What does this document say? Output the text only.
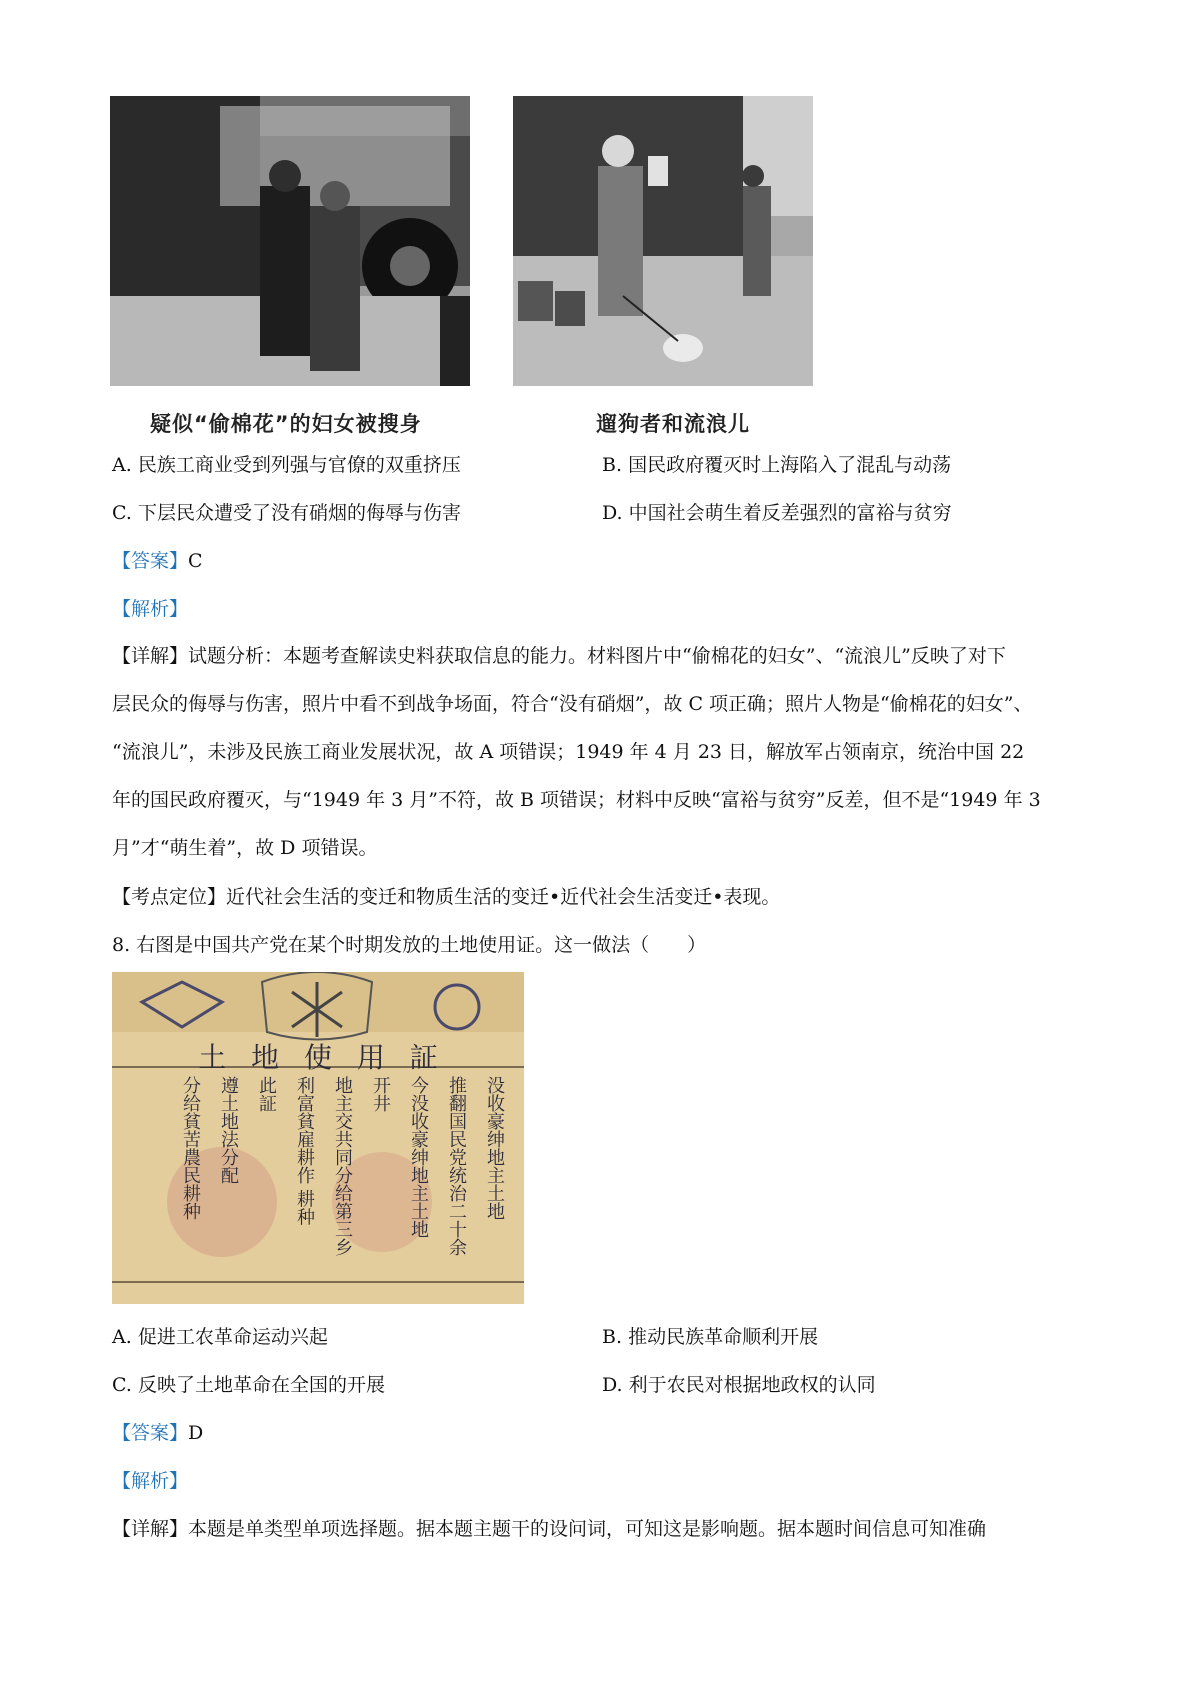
疑似“偷棉花”的妇女被搜身	遛狗者和流浪儿
A. 民族工商业受到列强与官僚的双重挤压	B. 国民政府覆灭时上海陷入了混乱与动荡
C. 下层民众遭受了没有硝烟的侮辱与伤害	D. 中国社会萌生着反差强烈的富裕与贫穷
【答案】C
【解析】
【详解】试题分析：本题考查解读史料获取信息的能力。材料图片中“偷棉花的妇女”、“流浪儿”反映了对下
层民众的侮辱与伤害，照片中看不到战争场面，符合“没有硝烟”，故 C 项正确；照片人物是“偷棉花的妇女”、
“流浪儿”，未涉及民族工商业发展状况，故 A 项错误；1949 年 4 月 23 日，解放军占领南京，统治中国 22
年的国民政府覆灭，与“1949 年 3 月”不符，故 B 项错误；材料中反映“富裕与贫穷”反差，但不是“1949 年 3
月”才“萌生着”，故 D 项错误。
【考点定位】近代社会生活的变迁和物质生活的变迁•近代社会生活变迁•表现。
8. 右图是中国共产党在某个时期发放的土地使用证。这一做法（　　）
土 地 使 用 証
没收豪绅地主土地
推翻国民党统治二十余
今没收豪绅地主土地
开井
地主交共同分给第三乡
利富貧雇耕作 耕种
此証
遵土地法分配
分给貧苦農民耕种
A. 促进工农革命运动兴起	B. 推动民族革命顺利开展
C. 反映了土地革命在全国的开展	D. 利于农民对根据地政权的认同
【答案】D
【解析】
【详解】本题是单类型单项选择题。据本题主题干的设问词，可知这是影响题。据本题时间信息可知准确
